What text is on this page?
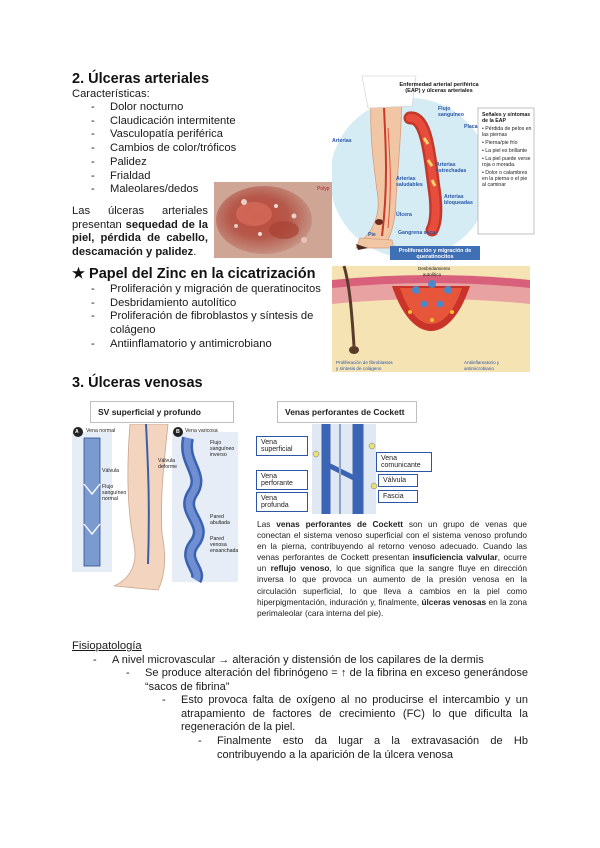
2. Úlceras arteriales
Características:
- Dolor nocturno
- Claudicación intermitente
- Vasculopatía periférica
- Cambios de color/tróficos
- Palidez
- Frialdad
- Maleolares/dedos
Las úlceras arteriales presentan sequedad de la piel, pérdida de cabello, descamación y palidez.
Polyp
Enfermedad arterial periférica (EAP) y úlceras arteriales
Flujo sanguíneo
Placa
Arterias
Arterias estrechadas
Arterias saludables
Arterias bloqueadas
Úlcera
Pie	Gangrena seca
Señales y síntomas de la EAP
• Pérdida de pelos en las piernas
• Pierna/pie frío
• La piel es brillante
• La piel puede verse roja o morada.
• Dolor o calambres en la pierna o el pie al caminar
★ Papel del Zinc en la cicatrización
- Proliferación y migración de queratinocitos
- Desbridamiento autolítico
- Proliferación de fibroblastos y síntesis de colágeno
- Antiinflamatorio y antimicrobiano
Proliferación y migración de queratinocitos
Desbridamiento autolítico
Proliferación de fibroblastos y síntesis de colágeno
Antiinflamatorio y antimicrobiano
3. Úlceras venosas
SV superficial y profundo
A	B
Vena normal	Vena varicosa
Válvula
Flujo sanguíneo normal
Válvula deforme
Flujo sanguíneo inverso
Pared abultada
Pared venosa ensanchada
Venas perforantes de Cockett
Vena superficial
Vena perforante
Vena profunda
Vena comunicante
Válvula
Fascia
Las venas perforantes de Cockett son un grupo de venas que conectan el sistema venoso superficial con el sistema venoso profundo en la pierna, contribuyendo al retorno venoso adecuado. Cuando las venas perforantes de Cockett presentan insuficiencia valvular, ocurre un reflujo venoso, lo que significa que la sangre fluye en dirección inversa lo que provoca un aumento de la presión venosa en la circulación superficial, lo que lleva a cambios en la piel como hiperpigmentación, induración y, finalmente, úlceras venosas en la zona perimaleolar (cara interna del pie).
Fisiopatología
- A nivel microvascular → alteración y distensión de los capilares de la dermis
- Se produce alteración del fibrinógeno = ↑ de la fibrina en exceso generándose “sacos de fibrina”
- Esto provoca falta de oxígeno al no producirse el intercambio y un atrapamiento de factores de crecimiento (FC) lo que dificulta la regeneración de la piel.
- Finalmente esto da lugar a la extravasación de Hb contribuyendo a la aparición de la úlcera venosa
